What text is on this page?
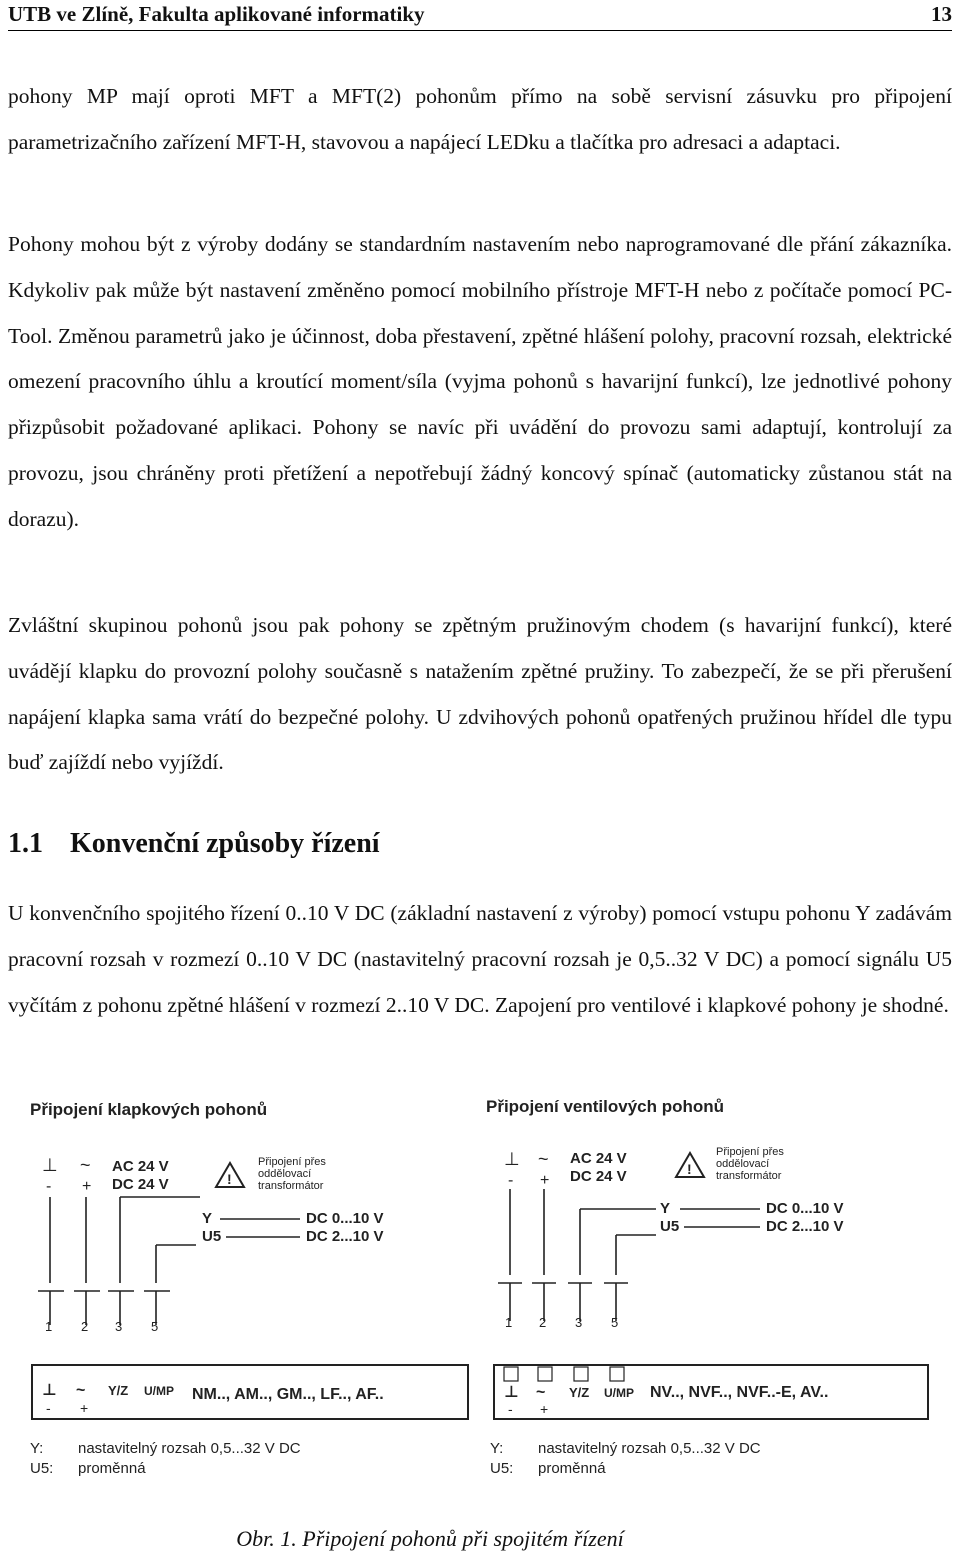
UTB ve Zlíně, Fakulta aplikované informatiky	13

pohony MP mají oproti MFT a MFT(2) pohonům přímo na sobě servisní zásuvku pro připojení parametrizačního zařízení MFT-H, stavovou a napájecí LEDku a tlačítka pro adresaci a adaptaci.

Pohony mohou být z výroby dodány se standardním nastavením nebo naprogramované dle přání zákazníka. Kdykoliv pak může být nastavení změněno pomocí mobilního přístroje MFT-H nebo z počítače pomocí PC-Tool. Změnou parametrů jako je účinnost, doba přestavení, zpětné hlášení polohy, pracovní rozsah, elektrické omezení pracovního úhlu a kroutící moment/síla (vyjma pohonů s havarijní funkcí), lze jednotlivé pohony přizpůsobit požadované aplikaci. Pohony se navíc při uvádění do provozu sami adaptují, kontrolují za provozu, jsou chráněny proti přetížení a nepotřebují žádný koncový spínač (automaticky zůstanou stát na dorazu).

Zvláštní skupinou pohonů jsou pak pohony se zpětným pružinovým chodem (s havarijní funkcí), které uvádějí klapku do provozní polohy současně s natažením zpětné pružiny. To zabezpečí, že se při přerušení napájení klapka sama vrátí do bezpečné polohy. U zdvihových pohonů opatřených pružinou hřídel dle typu buď zajíždí nebo vyjíždí.

1.1 Konvenční způsoby řízení

U konvenčního spojitého řízení 0..10 V DC (základní nastavení z výroby) pomocí vstupu pohonu Y zadávám pracovní rozsah v rozmezí 0..10 V DC (nastavitelný pracovní rozsah je 0,5..32 V DC) a pomocí signálu U5 vyčítám z pohonu zpětné hlášení v rozmezí 2..10 V DC. Zapojení pro ventilové i klapkové pohony je shodné.

Připojení klapkových pohonů
⊥ ~
- +
AC 24 V
DC 24 V	!
Připojení přes
oddělovací
transformátor
Y
U5
DC 0...10 V
DC 2...10 V
1 2 3 5
⊥ ~ Y/Z U/MP
- +
NM.., AM.., GM.., LF.., AF..
Připojení ventilových pohonů
⊥ ~
- +
AC 24 V
DC 24 V	!
Připojení přes
oddělovací
transformátor
Y
U5
DC 0...10 V
DC 2...10 V
1 2 3 5
⊥ ~ Y/Z U/MP
- +
NV.., NVF.., NVF..-E, AV..
Y: nastavitelný rozsah 0,5...32 V DC
U5: proměnná
Y: nastavitelný rozsah 0,5...32 V DC
U5: proměnná
Obr. 1. Připojení pohonů při spojitém řízení
